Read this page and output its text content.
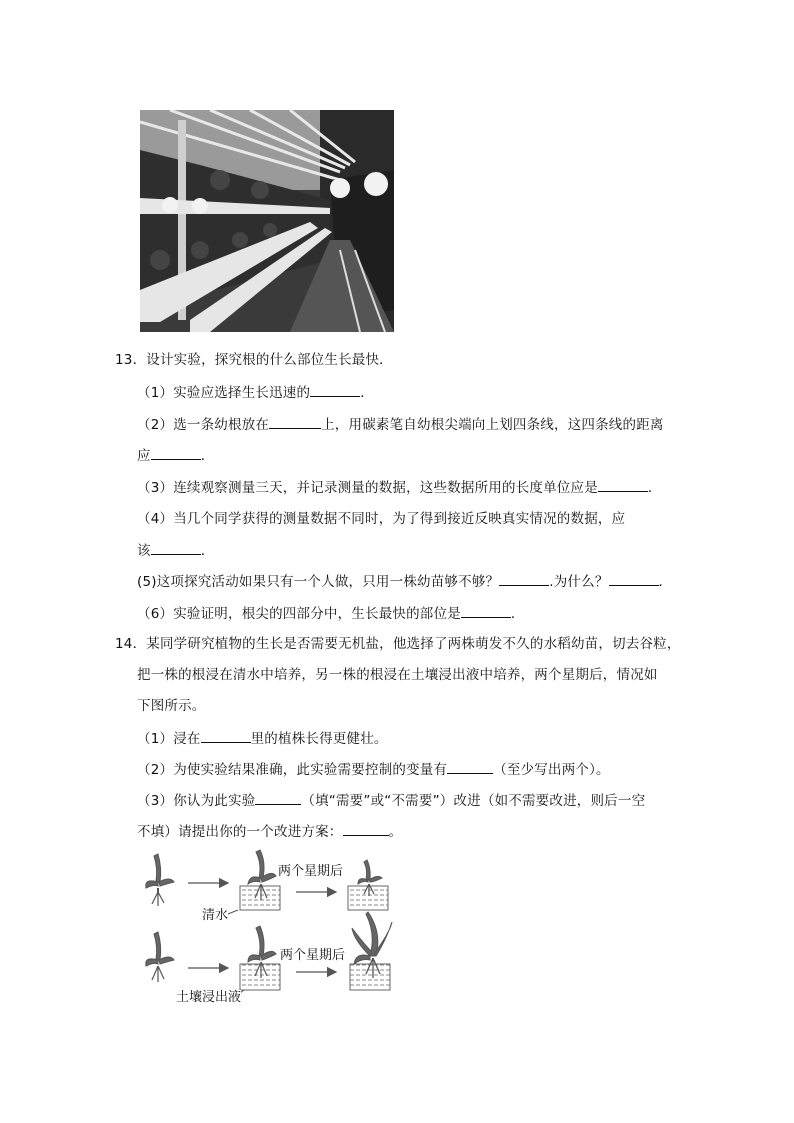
13．设计实验，探究根的什么部位生长最快．
（1）实验应选择生长迅速的	．
（2）选一条幼根放在	上，用碳素笔自幼根尖端向上划四条线，这四条线的距离
应	．
（3）连续观察测量三天，并记录测量的数据，这些数据所用的长度单位应是	．
（4）当几个同学获得的测量数据不同时，为了得到接近反映真实情况的数据，应
该	．
(5)这项探究活动如果只有一个人做，只用一株幼苗够不够？	.为什么？	．
（6）实验证明，根尖的四部分中，生长最快的部位是	．
14．某同学研究植物的生长是否需要无机盐，他选择了两株萌发不久的水稻幼苗，切去谷粒，
把一株的根浸在清水中培养，另一株的根浸在土壤浸出液中培养，两个星期后，情况如
下图所示。
（1）浸在	里的植株长得更健壮。
（2）为使实验结果准确，此实验需要控制的变量有	（至少写出两个）。
（3）你认为此实验	（填“需要”或“不需要”）改进（如不需要改进，则后一空
不填）请提出你的一个改进方案：	。
两个星期后
清水
两个星期后
土壤浸出液
